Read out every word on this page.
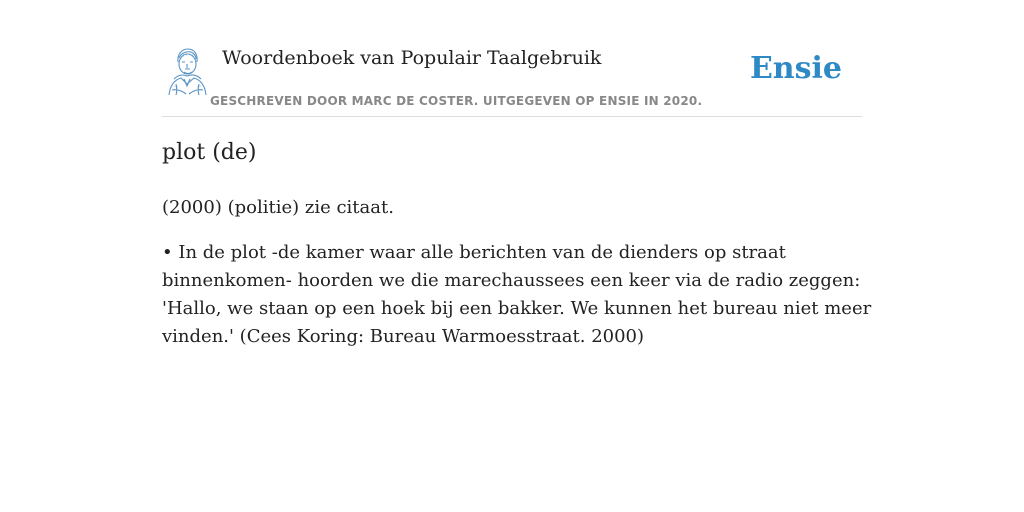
Woordenboek van Populair Taalgebruik
GESCHREVEN DOOR MARC DE COSTER. UITGEGEVEN OP ENSIE IN 2020.
Ensie
plot (de)

(2000) (politie) zie citaat.

• In de plot -de kamer waar alle berichten van de dienders op straat
binnenkomen- hoorden we die marechaussees een keer via de radio zeggen:
'Hallo, we staan op een hoek bij een bakker. We kunnen het bureau niet meer
vinden.' (Cees Koring: Bureau Warmoesstraat. 2000)
